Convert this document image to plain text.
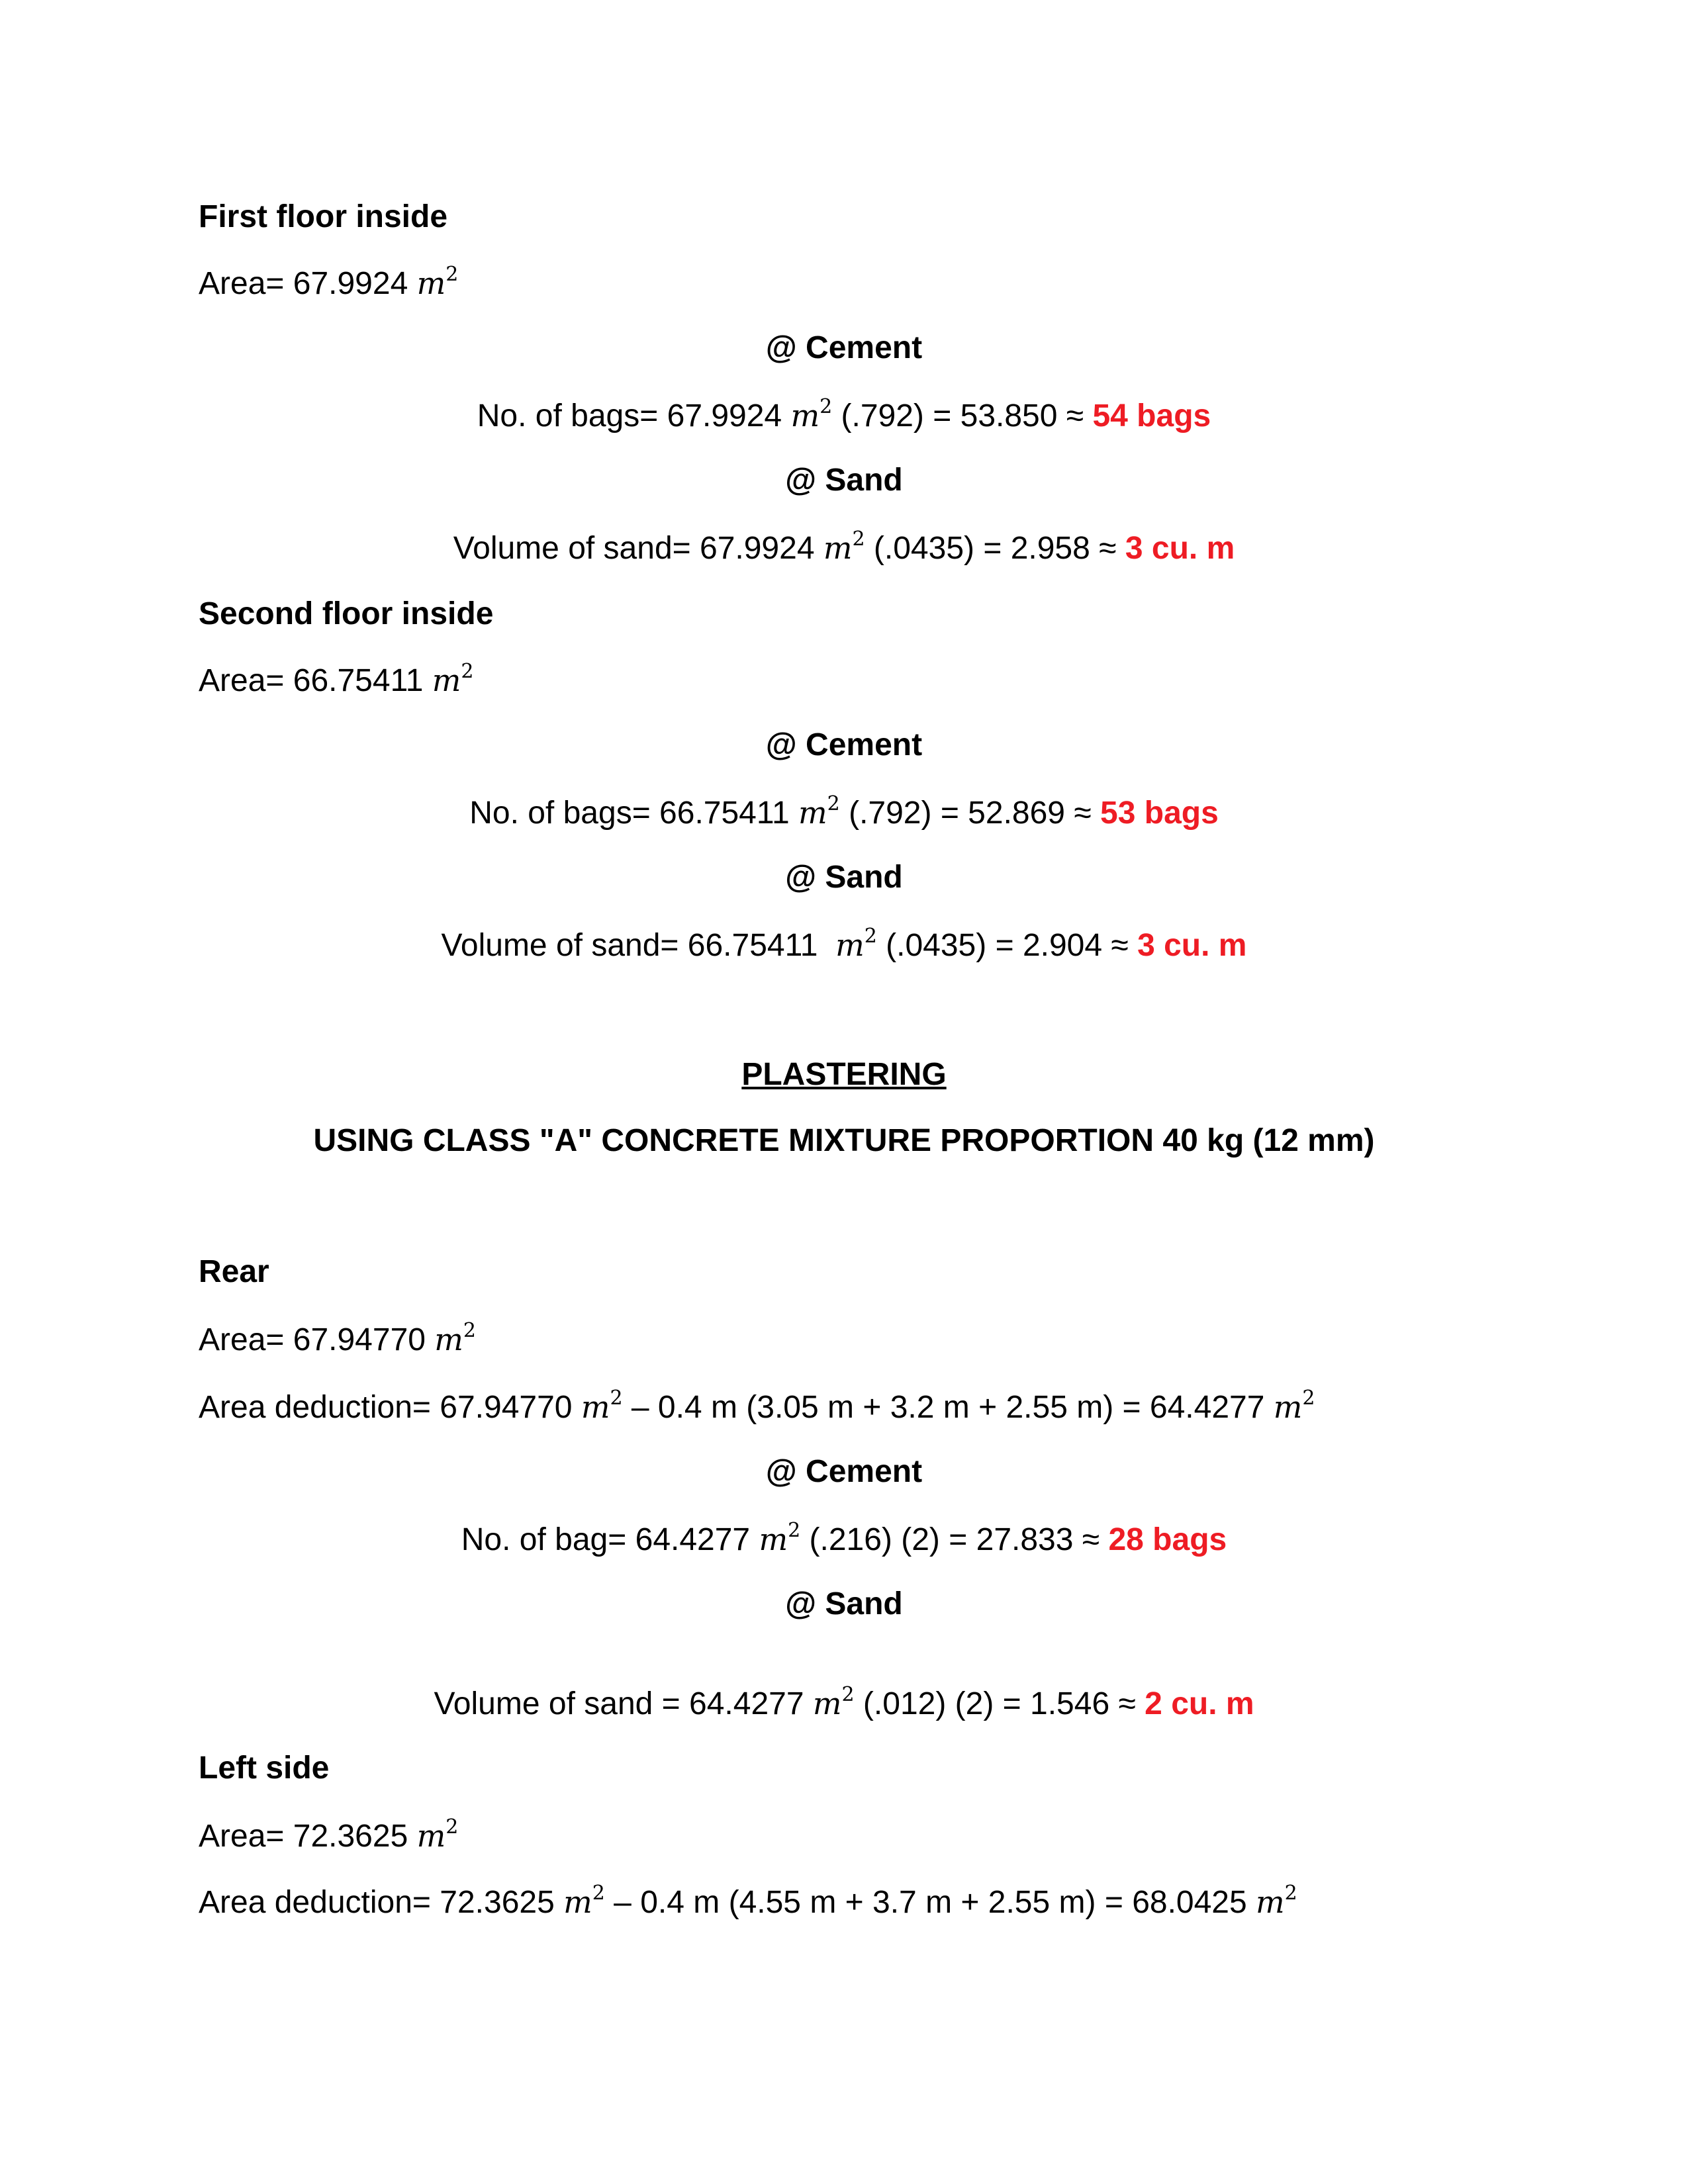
First floor inside
Area= 67.9924 $m^2$
@ Cement
No. of bags= 67.9924 $m^2$ (.792) = 53.850 ≈ 54 bags
@ Sand
Volume of sand= 67.9924 $m^2$ (.0435) = 2.958 ≈ 3 cu. m
Second floor inside
Area= 66.75411 $m^2$
@ Cement
No. of bags= 66.75411 $m^2$ (.792) = 52.869 ≈ 53 bags
@ Sand
Volume of sand= 66.75411  $m^2$ (.0435) = 2.904 ≈ 3 cu. m
PLASTERING
USING CLASS "A" CONCRETE MIXTURE PROPORTION 40 kg (12 mm)
Rear
Area= 67.94770 $m^2$
Area deduction= 67.94770 $m^2 - 0.4$ m (3.05 m + 3.2 m + 2.55 m) = 64.4277 $m^2$
@ Cement
No. of bag= 64.4277 $m^2$ (.216) (2) = 27.833 ≈ 28 bags
@ Sand
Volume of sand = 64.4277 $m^2$ (.012) (2) = 1.546 ≈ 2 cu. m
Left side
Area= 72.3625 $m^2$
Area deduction= 72.3625 $m^2 - 0.4$ m (4.55 m + 3.7 m + 2.55 m) = 68.0425 $m^2$
